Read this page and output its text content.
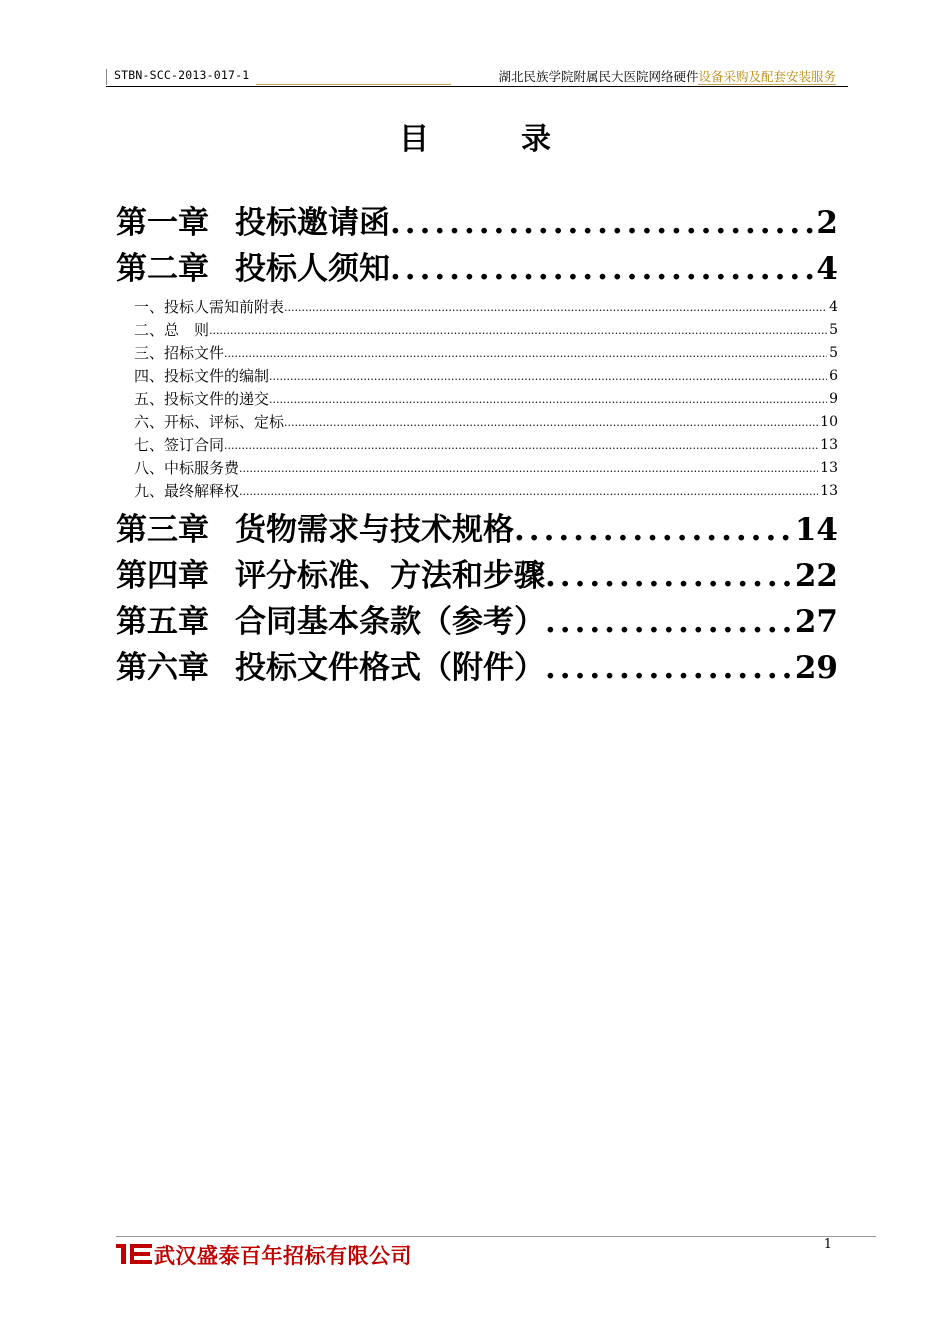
STBN-SCC-2013-017-1	湖北民族学院附属民大医院网络硬件设备采购及配套安装服务
目	录
第一章 投标邀请函 .....	2
第二章 投标人须知 .....	4
一、投标人需知前附表 .....	4
二、总　则 .....	5
三、招标文件 .....	5
四、投标文件的编制 .....	6
五、投标文件的递交 .....	9
六、开标、评标、定标 .....	10
七、签订合同 .....	13
八、中标服务费 .....	13
九、最终解释权 .....	13
第三章 货物需求与技术规格 .....	14
第四章 评分标准、方法和步骤 .....	22
第五章 合同基本条款（参考） .....	27
第六章 投标文件格式（附件） .....	29
武汉盛泰百年招标有限公司	1
